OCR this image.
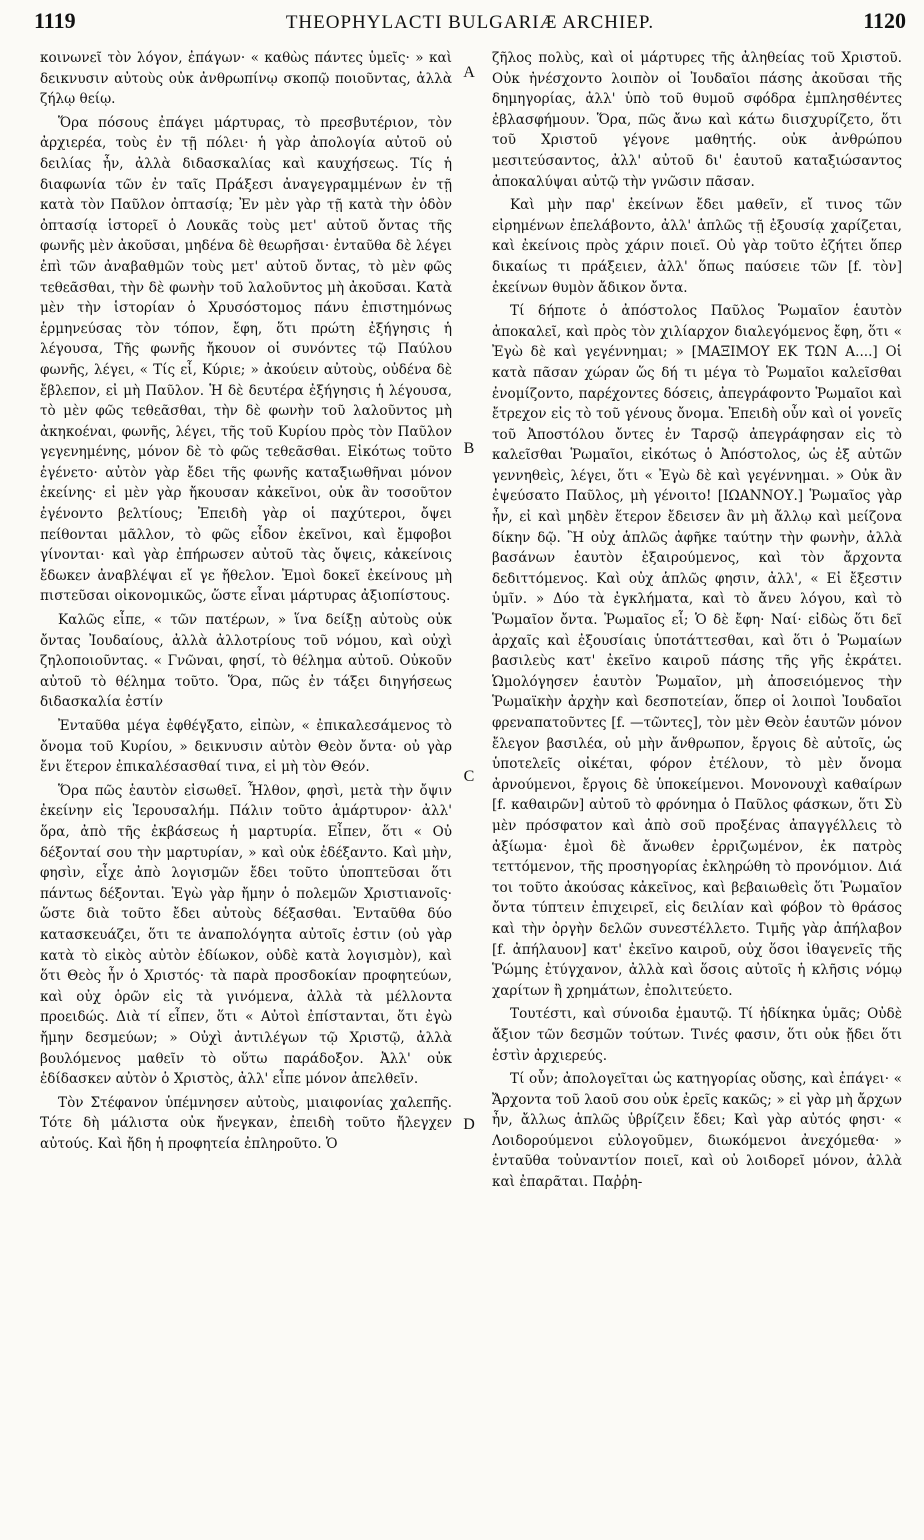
1119	THEOPHYLACTI BULGARIÆ ARCHIEP.	1120

κοινωνεῖ τὸν λόγον, ἐπάγων· « καθὼς πάντες ὑμεῖς· » καὶ δεικνυσιν αὐτοὺς οὐκ ἀνθρωπίνῳ σκοπῷ ποιοῦντας, ἀλλὰ ζήλῳ θείῳ.

Ὅρα πόσους ἐπάγει μάρτυρας, τὸ πρεσβυτέριον, τὸν ἀρχιερέα, τοὺς ἐν τῇ πόλει· ἡ γὰρ ἀπολογία αὐτοῦ οὐ δειλίας ἦν, ἀλλὰ διδασκαλίας καὶ καυχήσεως. Τίς ἡ διαφωνία τῶν ἐν ταῖς Πράξεσι ἀναγεγραμμένων ἐν τῇ κατὰ τὸν Παῦλον ὀπτασίᾳ; Ἐν μὲν γὰρ τῇ κατὰ τὴν ὁδὸν ὀπτασίᾳ ἱστορεῖ ὁ Λουκᾶς τοὺς μετ' αὐτοῦ ὄντας τῆς φωνῆς μὲν ἀκοῦσαι, μηδένα δὲ θεωρῆσαι· ἐνταῦθα δὲ λέγει ἐπὶ τῶν ἀναβαθμῶν τοὺς μετ' αὐτοῦ ὄντας, τὸ μὲν φῶς τεθεᾶσθαι, τὴν δὲ φωνὴν τοῦ λαλοῦντος μὴ ἀκοῦσαι. Κατὰ μὲν τὴν ἱστορίαν ὁ Χρυσόστομος πάνυ ἐπιστημόνως ἑρμηνεύσας τὸν τόπον, ἔφη, ὅτι πρώτη ἐξήγησις ἡ λέγουσα, Τῆς φωνῆς ἤκουον οἱ συνόντες τῷ Παύλου φωνῆς, λέγει, « Τίς εἶ, Κύριε; » ἀκούειν αὐτοὺς, οὐδένα δὲ ἔβλεπον, εἰ μὴ Παῦλον. Ἡ δὲ δευτέρα ἐξήγησις ἡ λέγουσα, τὸ μὲν φῶς τεθεᾶσθαι, τὴν δὲ φωνὴν τοῦ λαλοῦντος μὴ ἀκηκοέναι, φωνῆς, λέγει, τῆς τοῦ Κυρίου πρὸς τὸν Παῦλον γεγενημένης, μόνον δὲ τὸ φῶς τεθεᾶσθαι. Εἰκότως τοῦτο ἐγένετο· αὐτὸν γὰρ ἔδει τῆς φωνῆς καταξιωθῆναι μόνον ἐκείνης· εἰ μὲν γὰρ ἤκουσαν κἀκεῖνοι, οὐκ ἂν τοσοῦτον ἐγένοντο βελτίους; Ἐπειδὴ γὰρ οἱ παχύτεροι, ὄψει πείθονται μᾶλλον, τὸ φῶς εἶδον ἐκεῖνοι, καὶ ἔμφοβοι γίνονται· καὶ γὰρ ἐπήρωσεν αὐτοῦ τὰς ὄψεις, κἀκείνοις ἔδωκεν ἀναβλέψαι εἴ γε ἤθελον. Ἐμοὶ δοκεῖ ἐκείνους μὴ πιστεῦσαι οἰκονομικῶς, ὥστε εἶναι μάρτυρας ἀξιοπίστους.

Καλῶς εἶπε, « τῶν πατέρων, » ἵνα δείξῃ αὐτοὺς οὐκ ὄντας Ἰουδαίους, ἀλλὰ ἀλλοτρίους τοῦ νόμου, καὶ οὐχὶ ζηλοποιοῦντας. « Γνῶναι, φησί, τὸ θέλημα αὐτοῦ. Οὐκοῦν αὐτοῦ τὸ θέλημα τοῦτο. Ὅρα, πῶς ἐν τάξει διηγήσεως διδασκαλία ἐστίν

Ἐνταῦθα μέγα ἐφθέγξατο, εἰπὼν, « ἐπικαλεσάμενος τὸ ὄνομα τοῦ Κυρίου, » δεικνυσιν αὐτὸν Θεὸν ὄντα· οὐ γὰρ ἔνι ἕτερον ἐπικαλέσασθαί τινα, εἰ μὴ τὸν Θεόν.

Ὅρα πῶς ἑαυτὸν εἰσωθεῖ. Ἦλθον, φησὶ, μετὰ τὴν ὄψιν ἐκείνην εἰς Ἱερουσαλήμ. Πάλιν τοῦτο ἁμάρτυρον· ἀλλ' ὅρα, ἀπὸ τῆς ἐκβάσεως ἡ μαρτυρία. Εἶπεν, ὅτι « Οὐ δέξονταί σου τὴν μαρτυρίαν, » καὶ οὐκ ἐδέξαντο. Καὶ μὴν, φησὶν, εἶχε ἀπὸ λογισμῶν ἔδει τοῦτο ὑποπτεῦσαι ὅτι πάντως δέξονται. Ἐγὼ γὰρ ἤμην ὁ πολεμῶν Χριστιανοῖς· ὥστε διὰ τοῦτο ἔδει αὐτοὺς δέξασθαι. Ἐνταῦθα δύο κατασκευάζει, ὅτι τε ἀναπολόγητα αὐτοῖς ἐστιν (οὐ γὰρ κατὰ τὸ εἰκὸς αὐτὸν ἐδίωκον, οὐδὲ κατὰ λογισμὸν), καὶ ὅτι Θεὸς ἦν ὁ Χριστός· τὰ παρὰ προσδοκίαν προφητεύων, καὶ οὐχ ὁρῶν εἰς τὰ γινόμενα, ἀλλὰ τὰ μέλλοντα προειδώς. Διὰ τί εἶπεν, ὅτι « Αὐτοὶ ἐπίστανται, ὅτι ἐγὼ ἤμην δεσμεύων; » Οὐχὶ ἀντιλέγων τῷ Χριστῷ, ἀλλὰ βουλόμενος μαθεῖν τὸ οὕτω παράδοξον. Ἀλλ' οὐκ ἐδίδασκεν αὐτὸν ὁ Χριστὸς, ἀλλ' εἶπε μόνον ἀπελθεῖν.

Τὸν Στέφανον ὑπέμνησεν αὐτοὺς, μιαιφονίας χαλεπῆς. Τότε δὴ μάλιστα οὐκ ἤνεγκαν, ἐπειδὴ τοῦτο ἤλεγχεν αὐτούς. Καὶ ἤδη ἡ προφητεία ἐπληροῦτο. Ὁ

A
B
C
D

ζῆλος πολὺς, καὶ οἱ μάρτυρες τῆς ἀληθείας τοῦ Χριστοῦ. Οὐκ ἠνέσχοντο λοιπὸν οἱ Ἰουδαῖοι πάσης ἀκοῦσαι τῆς δημηγορίας, ἀλλ' ὑπὸ τοῦ θυμοῦ σφόδρα ἐμπλησθέντες ἐβλασφήμουν. Ὅρα, πῶς ἄνω καὶ κάτω διισχυρίζετο, ὅτι τοῦ Χριστοῦ γέγονε μαθητής. οὐκ ἀνθρώπου μεσιτεύσαντος, ἀλλ' αὐτοῦ δι' ἑαυτοῦ καταξιώσαντος ἀποκαλύψαι αὐτῷ τὴν γνῶσιν πᾶσαν.

Καὶ μὴν παρ' ἐκείνων ἔδει μαθεῖν, εἴ τινος τῶν εἰρημένων ἐπελάβοντο, ἀλλ' ἁπλῶς τῇ ἐξουσίᾳ χαρίζεται, καὶ ἐκείνοις πρὸς χάριν ποιεῖ. Οὐ γὰρ τοῦτο ἐζήτει ὅπερ δικαίως τι πράξειεν, ἀλλ' ὅπως παύσειε τῶν [f. τὸν] ἐκείνων θυμὸν ἄδικον ὄντα.

Τί δήποτε ὁ ἀπόστολος Παῦλος Ῥωμαῖον ἑαυτὸν ἀποκαλεῖ, καὶ πρὸς τὸν χιλίαρχον διαλεγόμενος ἔφη, ὅτι « Ἐγὼ δὲ καὶ γεγέννημαι; » [ΜΑΞΙΜΟΥ ΕΚ ΤΩΝ Α....] Οἱ κατὰ πᾶσαν χώραν ὥς δή τι μέγα τὸ Ῥωμαῖοι καλεῖσθαι ἐνομίζοντο, παρέχοντες δόσεις, ἀπεγράφοντο Ῥωμαῖοι καὶ ἔτρεχον εἰς τὸ τοῦ γένους ὄνομα. Ἐπειδὴ οὖν καὶ οἱ γονεῖς τοῦ Ἀποστόλου ὄντες ἐν Ταρσῷ ἀπεγράφησαν εἰς τὸ καλεῖσθαι Ῥωμαῖοι, εἰκότως ὁ Ἀπόστολος, ὡς ἐξ αὐτῶν γεννηθεὶς, λέγει, ὅτι « Ἐγὼ δὲ καὶ γεγέννημαι. » Οὐκ ἂν ἐψεύσατο Παῦλος, μὴ γένοιτο! [ΙΩΑΝΝΟΥ.] Ῥωμαῖος γὰρ ἦν, εἰ καὶ μηδὲν ἕτερον ἔδεισεν ἂν μὴ ἄλλῳ καὶ μείζονα δίκην δῷ. Ἢ οὐχ ἁπλῶς ἀφῆκε ταύτην τὴν φωνὴν, ἀλλὰ βασάνων ἑαυτὸν ἐξαιρούμενος, καὶ τὸν ἄρχοντα δεδιττόμενος. Καὶ οὐχ ἁπλῶς φησιν, ἀλλ', « Εἰ ἔξεστιν ὑμῖν. » Δύο τὰ ἐγκλήματα, καὶ τὸ ἄνευ λόγου, καὶ τὸ Ῥωμαῖον ὄντα. Ῥωμαῖος εἶ; Ὁ δὲ ἔφη· Ναί· εἰδὼς ὅτι δεῖ ἀρχαῖς καὶ ἐξουσίαις ὑποτάττεσθαι, καὶ ὅτι ὁ Ῥωμαίων βασιλεὺς κατ' ἐκεῖνο καιροῦ πάσης τῆς γῆς ἐκράτει. Ὡμολόγησεν ἑαυτὸν Ῥωμαῖον, μὴ ἀποσειόμενος τὴν Ῥωμαϊκὴν ἀρχὴν καὶ δεσποτείαν, ὅπερ οἱ λοιποὶ Ἰουδαῖοι φρεναπατοῦντες [f. —τῶντες], τὸν μὲν Θεὸν ἑαυτῶν μόνον ἔλεγον βασιλέα, οὐ μὴν ἄνθρωπον, ἔργοις δὲ αὐτοῖς, ὡς ὑποτελεῖς οἰκέται, φόρον ἐτέλουν, τὸ μὲν ὄνομα ἀρνούμενοι, ἔργοις δὲ ὑποκείμενοι. Μονονουχὶ καθαίρων [f. καθαιρῶν] αὐτοῦ τὸ φρόνημα ὁ Παῦλος φάσκων, ὅτι Σὺ μὲν πρόσφατον καὶ ἀπὸ σοῦ προξένας ἀπαγγέλλεις τὸ ἀξίωμα· ἐμοὶ δὲ ἄνωθεν ἐρριζωμένον, ἐκ πατρὸς τεττόμενον, τῆς προσηγορίας ἐκληρώθη τὸ προνόμιον. Διά τοι τοῦτο ἀκούσας κἀκεῖνος, καὶ βεβαιωθεὶς ὅτι Ῥωμαῖον ὄντα τύπτειν ἐπιχειρεῖ, εἰς δειλίαν καὶ φόβον τὸ θράσος καὶ τὴν ὀργὴν δελῶν συνεστέλλετο. Τιμῆς γὰρ ἀπήλαβον [f. ἀπήλαυον] κατ' ἐκεῖνο καιροῦ, οὐχ ὅσοι ἰθαγενεῖς τῆς Ῥώμης ἐτύγχανον, ἀλλὰ καὶ ὅσοις αὐτοῖς ἡ κλῆσις νόμῳ χαρίτων ἢ χρημάτων, ἐπολιτεύετο.

Τουτέστι, καὶ σύνοιδα ἐμαυτῷ. Τί ἠδίκηκα ὑμᾶς; Οὐδὲ ἄξιον τῶν δεσμῶν τούτων. Τινές φασιν, ὅτι οὐκ ᾔδει ὅτι ἐστὶν ἀρχιερεύς.

Τί οὖν; ἀπολογεῖται ὡς κατηγορίας οὔσης, καὶ ἐπάγει· « Ἄρχοντα τοῦ λαοῦ σου οὐκ ἐρεῖς κακῶς; » εἰ γὰρ μὴ ἄρχων ἦν, ἄλλως ἁπλῶς ὑβρίζειν ἔδει; Καὶ γὰρ αὐτός φησι· « Λοιδορούμενοι εὐλογοῦμεν, διωκόμενοι ἀνεχόμεθα· » ἐνταῦθα τοὐναντίον ποιεῖ, καὶ οὐ λοιδορεῖ μόνον, ἀλλὰ καὶ ἐπαρᾶται. Παῤῥη-
